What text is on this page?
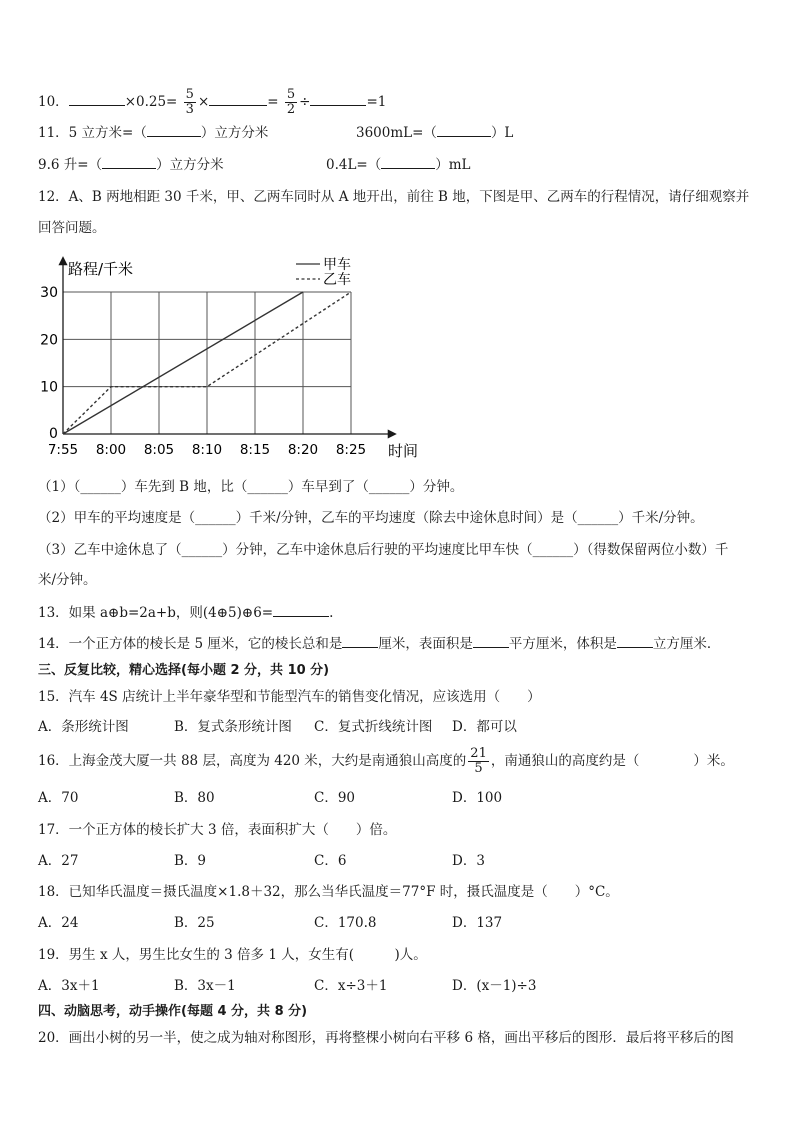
10．	$\times 0.25= \frac{5}{3}$ ×	= $\frac{5}{2}$ ÷	=1
11．5 立方米=（	）立方分米	3600mL=（	）L
9.6 升=（	）立方分米	0.4L=（	）mL
12．A、B 两地相距 30 千米，甲、乙两车同时从 A 地开出，前往 B 地，下图是甲、乙两车的行程情况，请仔细观察并
回答问题。
路程/千米
时间
0
10
20
30
7:55 8:00 8:05 8:10 8:15 8:20 8:25
甲车
乙车
（1）（______）车先到 B 地，比（______）车早到了（______）分钟。
（2）甲车的平均速度是（______）千米/分钟，乙车的平均速度（除去中途休息时间）是（______）千米/分钟。
（3）乙车中途休息了（______）分钟，乙车中途休息后行驶的平均速度比甲车快（______）（得数保留两位小数）千
米/分钟。
13．如果 a⊕b=2a+b，则(4⊕5)⊕6=	.
14．一个正方体的棱长是 5 厘米，它的棱长总和是	厘米，表面积是	平方厘米，体积是	立方厘米．
三、反复比较，精心选择(每小题 2 分，共 10 分)
15．汽车 4S 店统计上半年豪华型和节能型汽车的销售变化情况，应该选用（　　）
A．条形统计图	B．复式条形统计图 C．复式折线统计图 D．都可以
16．上海金茂大厦一共 88 层，高度为 420 米，大约是南通狼山高度的 $\frac{21}{5}$ ，南通狼山的高度约是（　　　　）米。
A．70	B．80	C．90	D．100
17．一个正方体的棱长扩大 3 倍，表面积扩大（　　）倍。
A．27	B．9	C．6	D．3
18．已知华氏温度＝摄氏温度×1.8＋32，那么当华氏温度＝77°F 时，摄氏温度是（　　）°C。
A．24	B．25	C．170.8	D．137
19．男生 x 人，男生比女生的 3 倍多 1 人，女生有(　　　)人。
A．3x＋1	B．3x－1	C．x÷3＋1	D．(x－1)÷3
四、动脑思考，动手操作(每题 4 分，共 8 分)
20．画出小树的另一半，使之成为轴对称图形，再将整棵小树向右平移 6 格，画出平移后的图形．最后将平移后的图
